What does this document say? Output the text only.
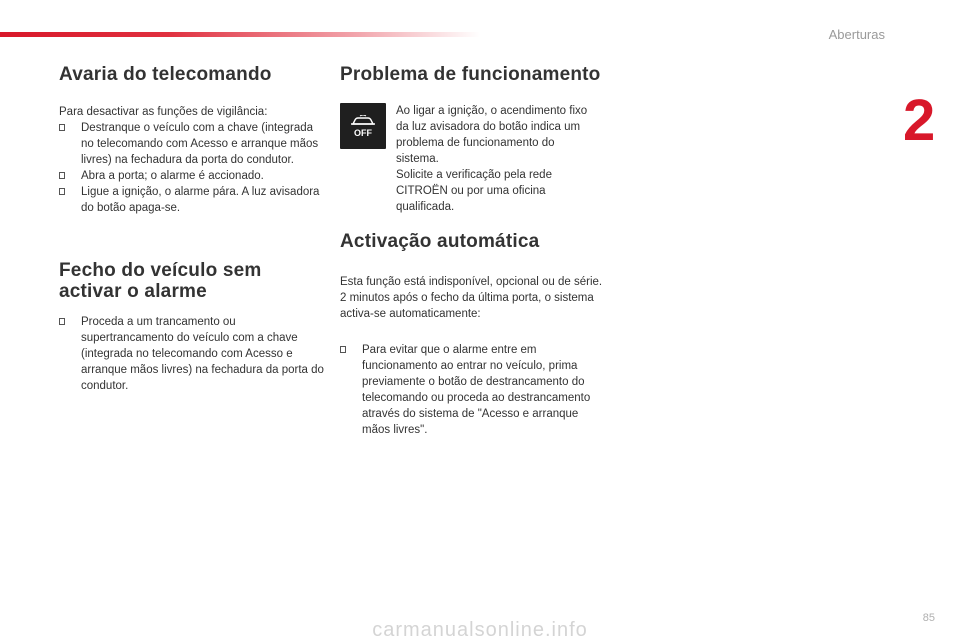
Aberturas
2
Avaria do telecomando

Para desactivar as funções de vigilância:

Destranque o veículo com a chave (integrada no telecomando com Acesso e arranque mãos livres) na fechadura da porta do condutor.
Abra a porta; o alarme é accionado.
Ligue a ignição, o alarme pára. A luz avisadora do botão apaga-se.
Fecho do veículo sem activar o alarme
Proceda a um trancamento ou supertrancamento do veículo com a chave (integrada no telecomando com Acesso e arranque mãos livres) na fechadura da porta do condutor.
Problema de funcionamento
OFF

Ao ligar a ignição, o acendimento fixo da luz avisadora do botão indica um problema de funcionamento do sistema.

Solicite a verificação pela rede CITROËN ou por uma oficina qualificada.

Activação automática

Esta função está indisponível, opcional ou de série.

2 minutos após o fecho da última porta, o sistema activa-se automaticamente:

Para evitar que o alarme entre em funcionamento ao entrar no veículo, prima previamente o botão de destrancamento do telecomando ou proceda ao destrancamento através do sistema de "Acesso e arranque mãos livres".
85
carmanualsonline.info
